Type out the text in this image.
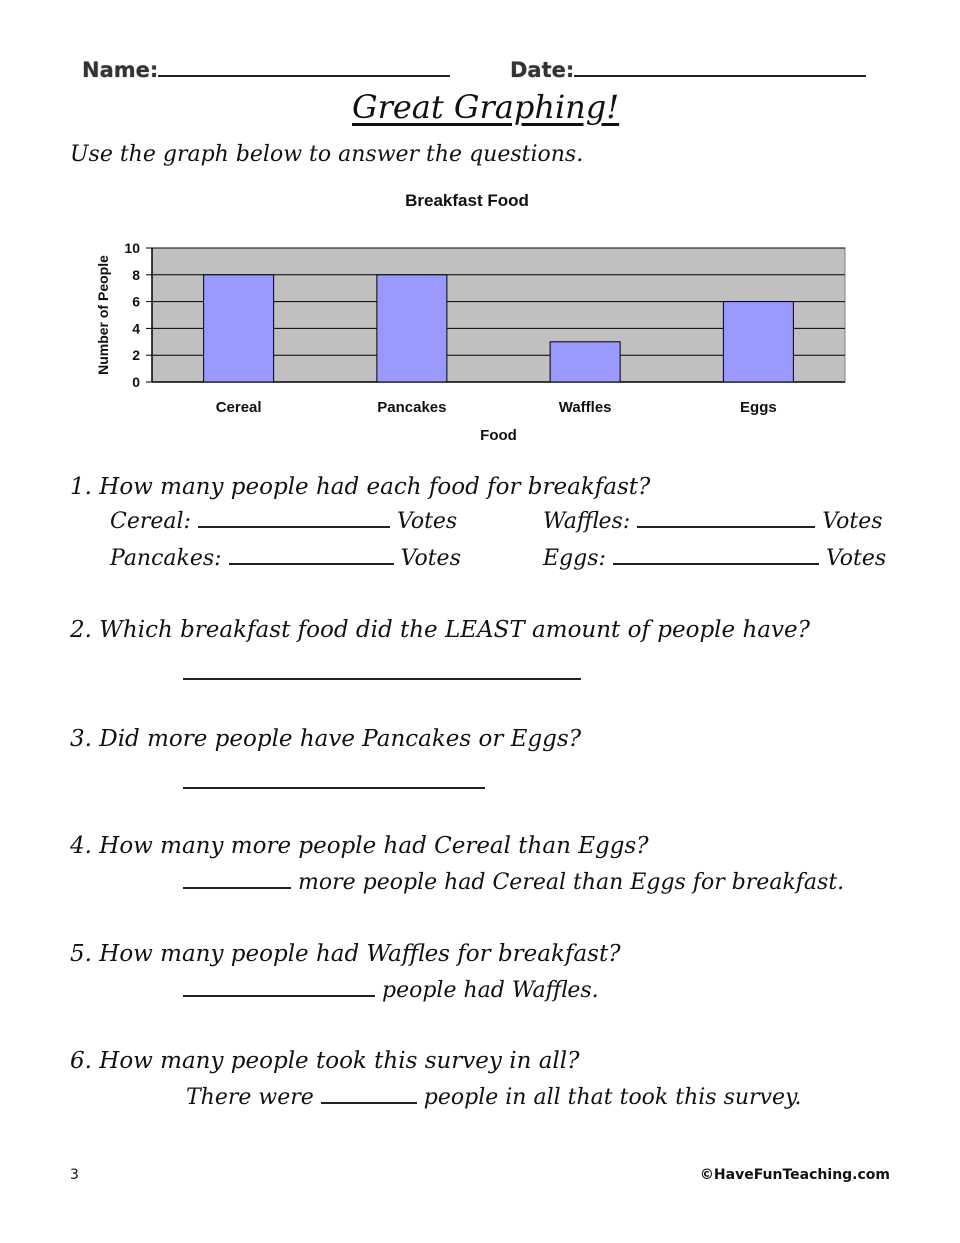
Name:	Date:
Great Graphing!
Use the graph below to answer the questions.
Breakfast Food
0
2
4
6
8
10
Cereal	Pancakes	Waffles	Eggs
Food
Number of People
1. How many people had each food for breakfast?
Cereal:	Votes
Pancakes:	Votes
Waffles:	Votes
Eggs:	Votes
2. Which breakfast food did the LEAST amount of people have?
3. Did more people have Pancakes or Eggs?
4. How many more people had Cereal than Eggs?
more people had Cereal than Eggs for breakfast.
5. How many people had Waffles for breakfast?
people had Waffles.
6. How many people took this survey in all?
There were	people in all that took this survey.
3	©HaveFunTeaching.com
